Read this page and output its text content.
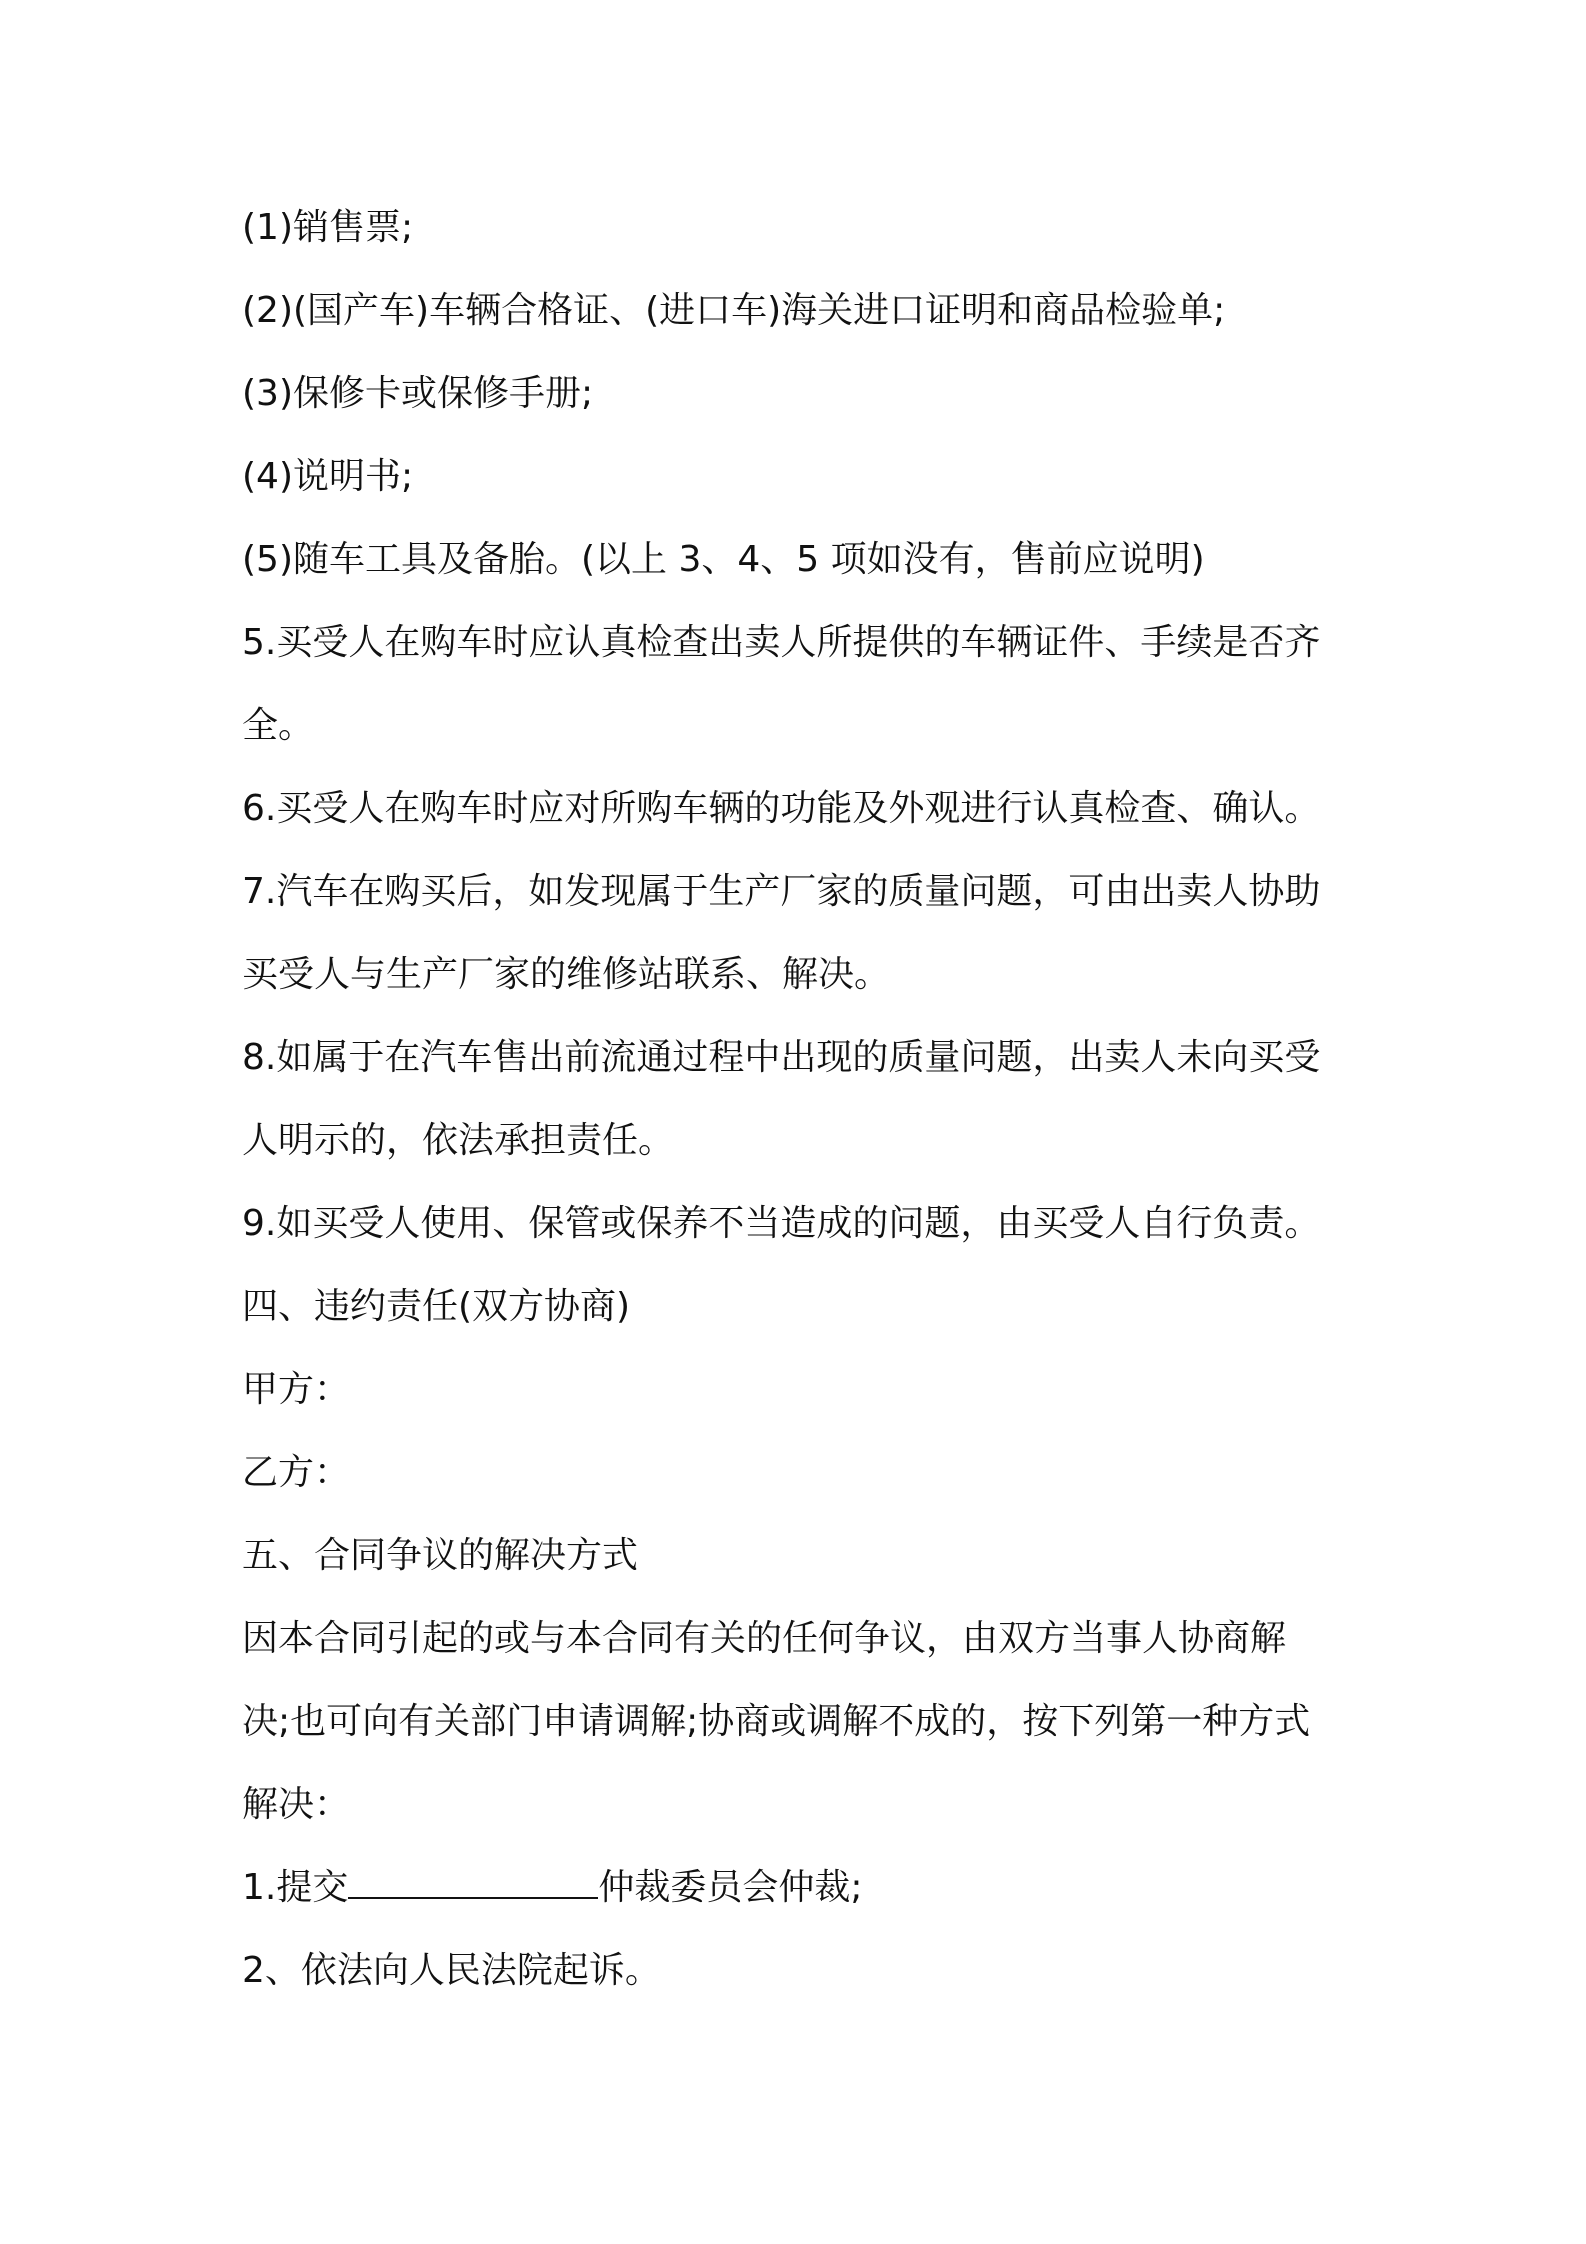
(1)销售票;
(2)(国产车)车辆合格证、(进口车)海关进口证明和商品检验单;
(3)保修卡或保修手册;
(4)说明书;
(5)随车工具及备胎。(以上 3、4、5 项如没有，售前应说明)
5.买受人在购车时应认真检查出卖人所提供的车辆证件、手续是否齐
全。
6.买受人在购车时应对所购车辆的功能及外观进行认真检查、确认。
7.汽车在购买后，如发现属于生产厂家的质量问题，可由出卖人协助
买受人与生产厂家的维修站联系、解决。
8.如属于在汽车售出前流通过程中出现的质量问题，出卖人未向买受
人明示的，依法承担责任。
9.如买受人使用、保管或保养不当造成的问题，由买受人自行负责。
四、违约责任(双方协商)
甲方：
乙方：
五、合同争议的解决方式
因本合同引起的或与本合同有关的任何争议，由双方当事人协商解
决;也可向有关部门申请调解;协商或调解不成的，按下列第一种方式
解决：
1.提交	仲裁委员会仲裁;
2、依法向人民法院起诉。
